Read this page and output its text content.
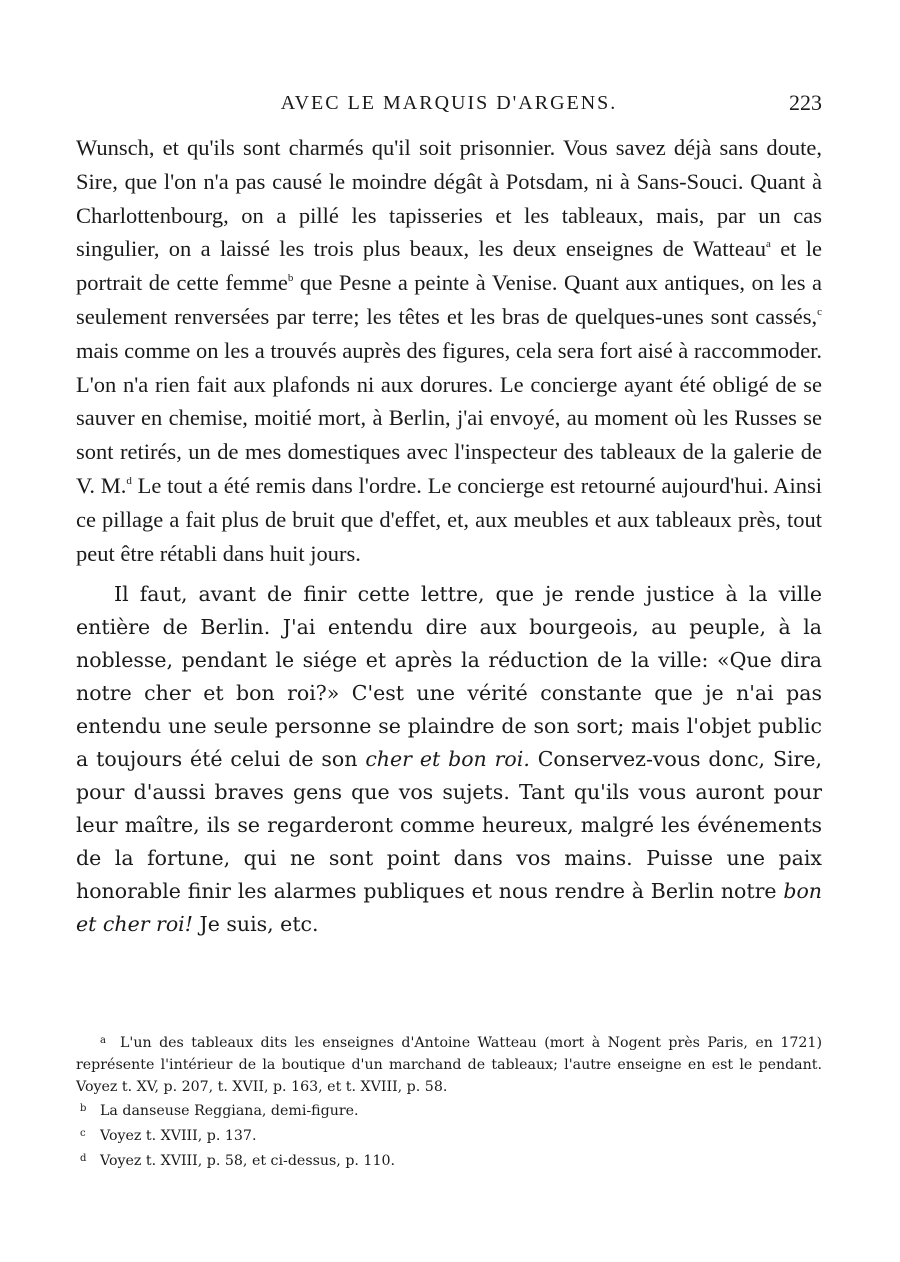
AVEC LE MARQUIS D'ARGENS.	223

Wunsch, et qu'ils sont charmés qu'il soit prisonnier. Vous savez déjà sans doute, Sire, que l'on n'a pas causé le moindre dégât à Potsdam, ni à Sans-Souci. Quant à Charlottenbourg, on a pillé les tapisseries et les tableaux, mais, par un cas singulier, on a laissé les trois plus beaux, les deux enseignes de Watteau$^a$ et le portrait de cette femme$^b$ que Pesne a peinte à Venise. Quant aux antiques, on les a seulement renversées par terre; les têtes et les bras de quelques-unes sont cassés,$^c$ mais comme on les a trouvés auprès des figures, cela sera fort aisé à raccommoder. L'on n'a rien fait aux plafonds ni aux dorures. Le concierge ayant été obligé de se sauver en chemise, moitié mort, à Berlin, j'ai envoyé, au moment où les Russes se sont retirés, un de mes domestiques avec l'inspecteur des tableaux de la galerie de V. M.$^d$ Le tout a été remis dans l'ordre. Le concierge est retourné aujourd'hui. Ainsi ce pillage a fait plus de bruit que d'effet, et, aux meubles et aux tableaux près, tout peut être rétabli dans huit jours.

Il faut, avant de finir cette lettre, que je rende justice à la ville entière de Berlin. J'ai entendu dire aux bourgeois, au peuple, à la noblesse, pendant le siége et après la réduction de la ville: «Que dira notre cher et bon roi?» C'est une vérité constante que je n'ai pas entendu une seule personne se plaindre de son sort; mais l'objet public a toujours été celui de son cher et bon roi. Conservez-vous donc, Sire, pour d'aussi braves gens que vos sujets. Tant qu'ils vous auront pour leur maître, ils se regarderont comme heureux, malgré les événements de la fortune, qui ne sont point dans vos mains. Puisse une paix honorable finir les alarmes publiques et nous rendre à Berlin notre bon et cher roi! Je suis, etc.

a L'un des tableaux dits les enseignes d'Antoine Watteau (mort à Nogent près Paris, en 1721) représente l'intérieur de la boutique d'un marchand de tableaux; l'autre enseigne en est le pendant. Voyez t. XV, p. 207, t. XVII, p. 163, et t. XVIII, p. 58.

b La danseuse Reggiana, demi-figure.

c Voyez t. XVIII, p. 137.

d Voyez t. XVIII, p. 58, et ci-dessus, p. 110.
